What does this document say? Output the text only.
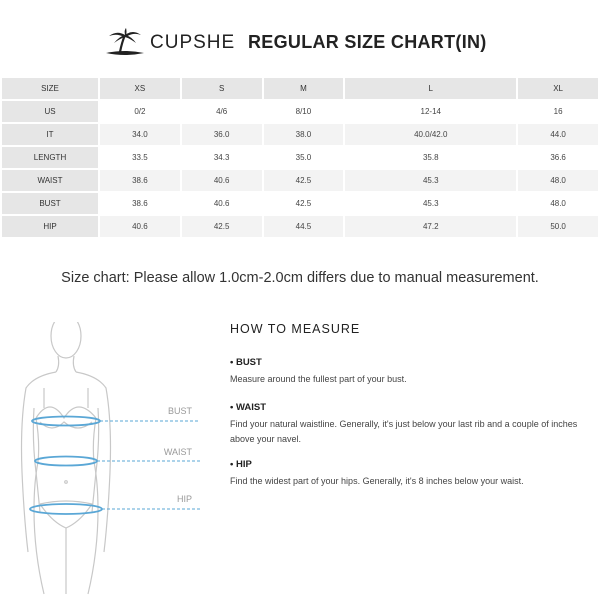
CUPSHE REGULAR SIZE CHART(IN)
SIZE	XS	S	M	L	XL
US	0/2	4/6	8/10	12-14	16
IT	34.0	36.0	38.0	40.0/42.0	44.0
LENGTH	33.5	34.3	35.0	35.8	36.6
WAIST	38.6	40.6	42.5	45.3	48.0
BUST	38.6	40.6	42.5	45.3	48.0
HIP	40.6	42.5	44.5	47.2	50.0
Size chart: Please allow 1.0cm-2.0cm differs due to manual measurement.
BUST
WAIST
HIP
HOW TO MEASURE
• BUST
Measure around the fullest part of your bust.
• WAIST
Find your natural waistline. Generally, it's just below your last rib and a couple of inches above your navel.
• HIP
Find the widest part of your hips. Generally, it's 8 inches below your waist.
